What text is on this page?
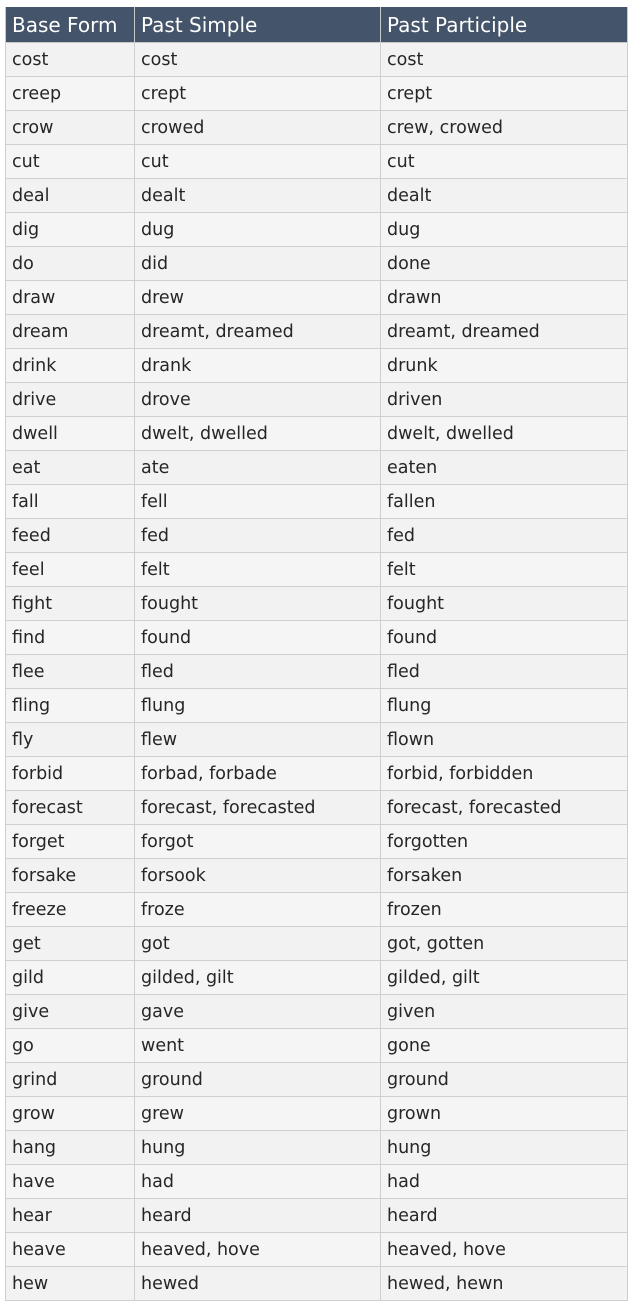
Base Form	Past Simple	Past Participle
cost	cost	cost
creep	crept	crept
crow	crowed	crew, crowed
cut	cut	cut
deal	dealt	dealt
dig	dug	dug
do	did	done
draw	drew	drawn
dream	dreamt, dreamed	dreamt, dreamed
drink	drank	drunk
drive	drove	driven
dwell	dwelt, dwelled	dwelt, dwelled
eat	ate	eaten
fall	fell	fallen
feed	fed	fed
feel	felt	felt
fight	fought	fought
find	found	found
flee	fled	fled
fling	flung	flung
fly	flew	flown
forbid	forbad, forbade	forbid, forbidden
forecast	forecast, forecasted	forecast, forecasted
forget	forgot	forgotten
forsake	forsook	forsaken
freeze	froze	frozen
get	got	got, gotten
gild	gilded, gilt	gilded, gilt
give	gave	given
go	went	gone
grind	ground	ground
grow	grew	grown
hang	hung	hung
have	had	had
hear	heard	heard
heave	heaved, hove	heaved, hove
hew	hewed	hewed, hewn
